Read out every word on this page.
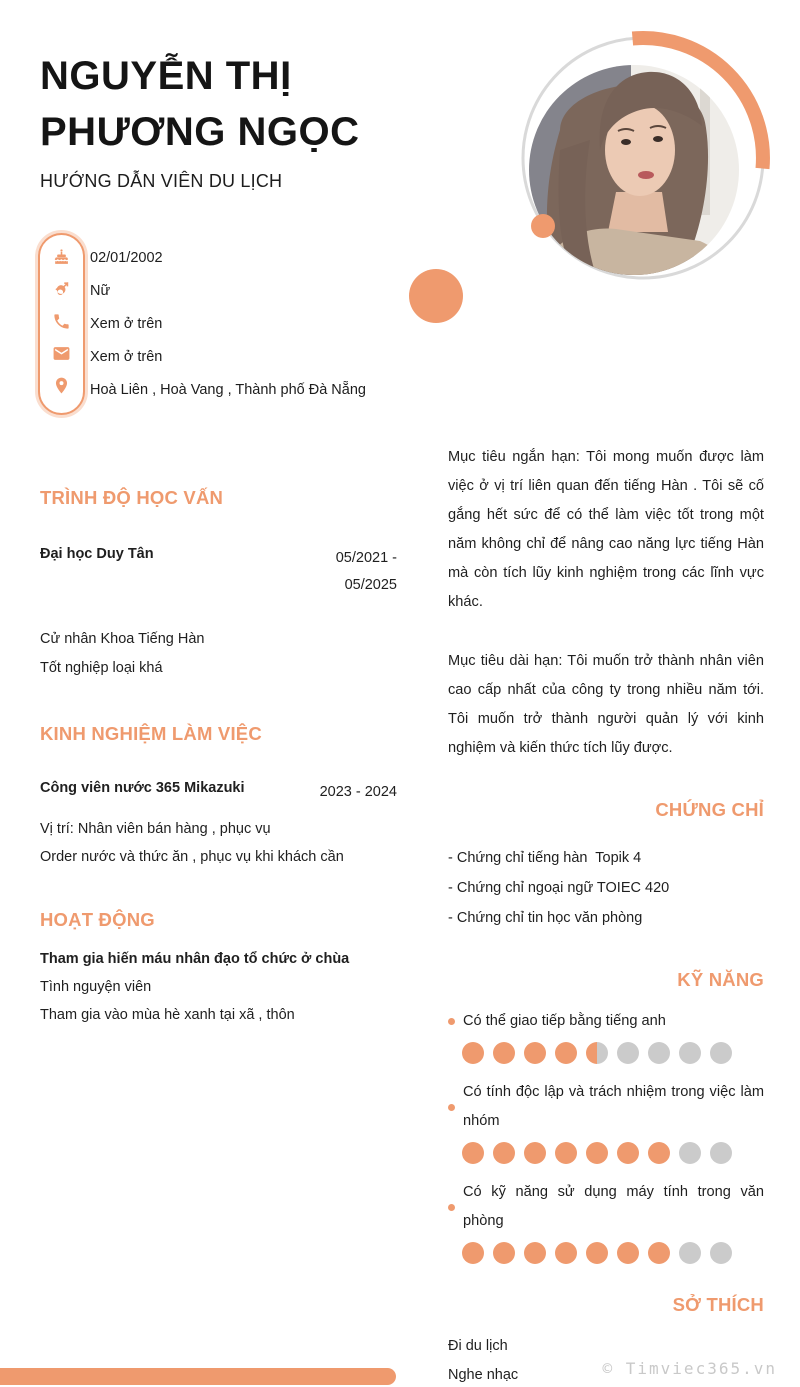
NGUYỄN THỊ
PHƯƠNG NGỌC
HƯỚNG DẪN VIÊN DU LỊCH
02/01/2002
Nữ
Xem ở trên
Xem ở trên
Hoà Liên , Hoà Vang , Thành phố Đà Nẵng
TRÌNH ĐỘ HỌC VẤN
Đại học Duy Tân	05/2021 - 05/2025
Cử nhân Khoa Tiếng Hàn
Tốt nghiệp loại khá
KINH NGHIỆM LÀM VIỆC
Công viên nước 365 Mikazuki	2023 - 2024
Vị trí: Nhân viên bán hàng , phục vụ
Order nước và thức ăn , phục vụ khi khách cần
HOẠT ĐỘNG
Tham gia hiến máu nhân đạo tổ chức ở chùa
Tình nguyện viên
Tham gia vào mùa hè xanh tại xã , thôn

Mục tiêu ngắn hạn: Tôi mong muốn được làm việc ở vị trí liên quan đến tiếng Hàn . Tôi sẽ cố gắng hết sức để có thể làm việc tốt trong một năm không chỉ để nâng cao năng lực tiếng Hàn mà còn tích lũy kinh nghiệm trong các lĩnh vực khác.

Mục tiêu dài hạn: Tôi muốn trở thành nhân viên cao cấp nhất của công ty trong nhiều năm tới. Tôi muốn trở thành người quản lý với kinh nghiệm và kiến thức tích lũy được.

CHỨNG CHỈ
- Chứng chỉ tiếng hàn  Topik 4
- Chứng chỉ ngoại ngữ TOIEC 420
- Chứng chỉ tin học văn phòng
KỸ NĂNG
Có thể giao tiếp bằng tiếng anh
Có tính độc lập và trách nhiệm trong việc làm nhóm
Có kỹ năng sử dụng máy tính trong văn phòng
SỞ THÍCH
Đi du lịch
Nghe nhạc	© Timviec365.vn
